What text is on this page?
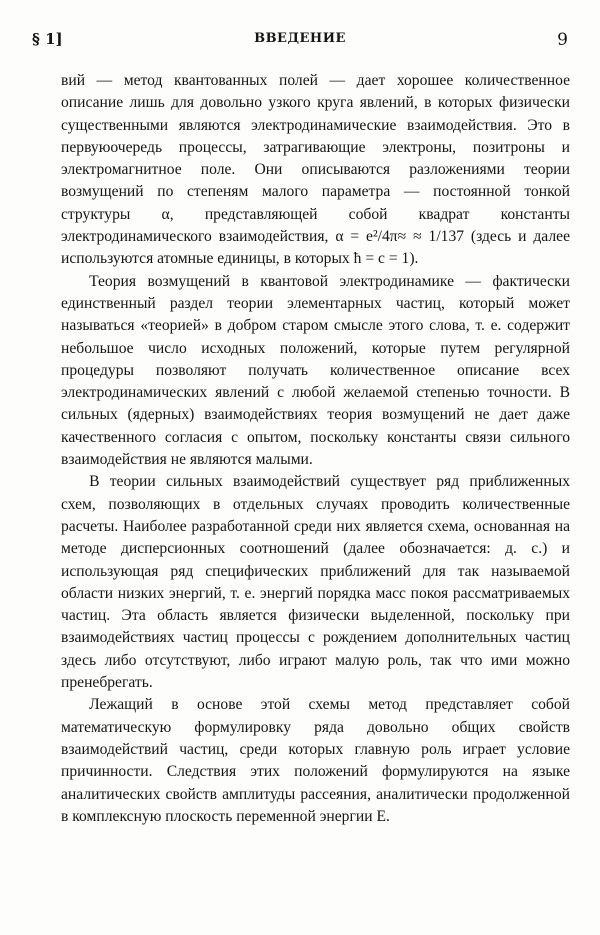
§ 1]	ВВЕДЕНИЕ	9

вий — метод квантованных полей — дает хорошее количественное описание лишь для довольно узкого круга явлений, в которых физически существенными являются электродинамические взаимодействия. Это в первуюочередь процессы, затрагивающие электроны, позитроны и электромагнитное поле. Они описываются разложениями теории возмущений по степеням малого параметра — постоянной тонкой структуры α, представляющей собой квадрат константы электродинамического взаимодействия, α = e²/4π≈ ≈ 1/137 (здесь и далее используются атомные единицы, в которых ħ = c = 1).

Теория возмущений в квантовой электродинамике — фактически единственный раздел теории элементарных частиц, который может называться «теорией» в добром старом смысле этого слова, т. е. содержит небольшое число исходных положений, которые путем регулярной процедуры позволяют получать количественное описание всех электродинамических явлений с любой желаемой степенью точности. В сильных (ядерных) взаимодействиях теория возмущений не дает даже качественного согласия с опытом, поскольку константы связи сильного взаимодействия не являются малыми.

В теории сильных взаимодействий существует ряд приближенных схем, позволяющих в отдельных случаях проводить количественные расчеты. Наиболее разработанной среди них является схема, основанная на методе дисперсионных соотношений (далее обозначается: д. с.) и использующая ряд специфических приближений для так называемой области низких энергий, т. е. энергий порядка масс покоя рассматриваемых частиц. Эта область является физически выделенной, поскольку при взаимодействиях частиц процессы с рождением дополнительных частиц здесь либо отсутствуют, либо играют малую роль, так что ими можно пренебрегать.

Лежащий в основе этой схемы метод представляет собой математическую формулировку ряда довольно общих свойств взаимодействий частиц, среди которых главную роль играет условие причинности. Следствия этих положений формулируются на языке аналитических свойств амплитуды рассеяния, аналитически продолженной в комплексную плоскость переменной энергии E.
